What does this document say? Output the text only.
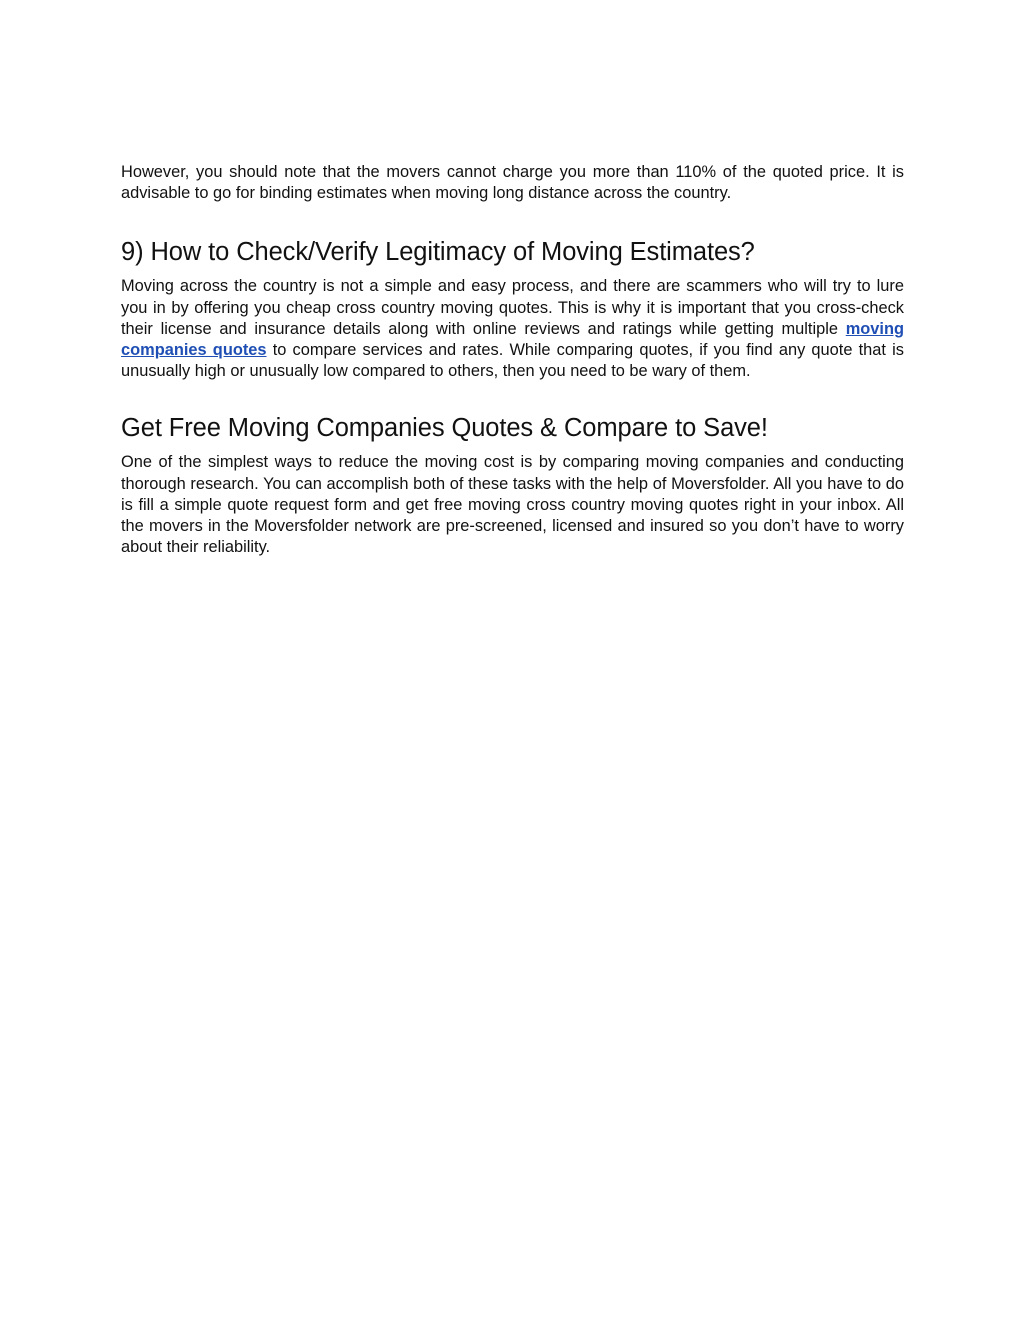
However, you should note that the movers cannot charge you more than 110% of the quoted price. It is advisable to go for binding estimates when moving long distance across the country.

9) How to Check/Verify Legitimacy of Moving Estimates?

Moving across the country is not a simple and easy process, and there are scammers who will try to lure you in by offering you cheap cross country moving quotes. This is why it is important that you cross-check their license and insurance details along with online reviews and ratings while getting multiple moving companies quotes to compare services and rates. While comparing quotes, if you find any quote that is unusually high or unusually low compared to others, then you need to be wary of them.

Get Free Moving Companies Quotes & Compare to Save!

One of the simplest ways to reduce the moving cost is by comparing moving companies and conducting thorough research. You can accomplish both of these tasks with the help of Moversfolder. All you have to do is fill a simple quote request form and get free moving cross country moving quotes right in your inbox. All the movers in the Moversfolder network are pre-screened, licensed and insured so you don’t have to worry about their reliability.
